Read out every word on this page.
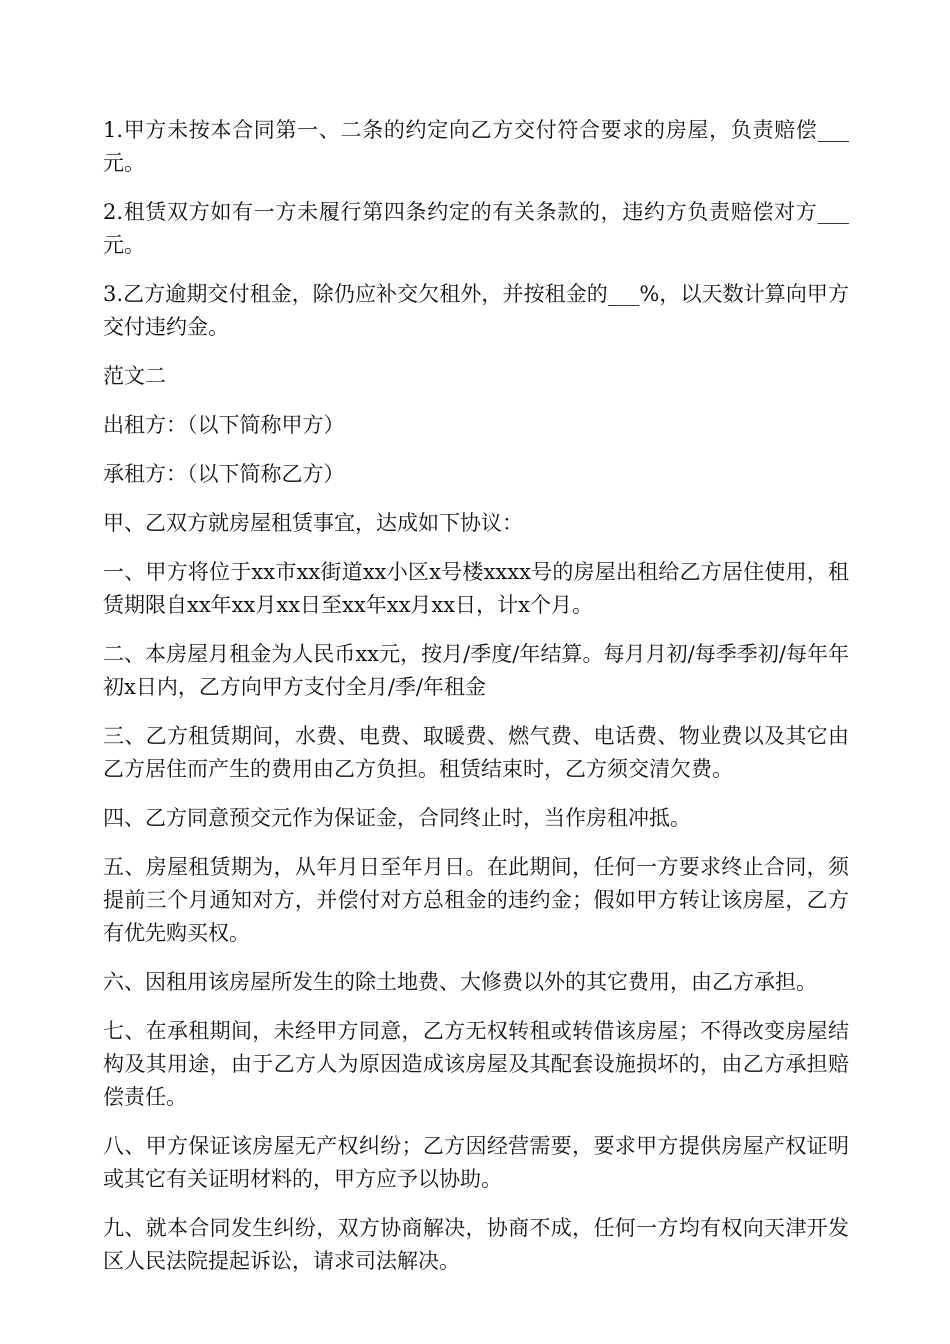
1.甲方未按本合同第一、二条的约定向乙方交付符合要求的房屋，负责赔偿___元。

2.租赁双方如有一方未履行第四条约定的有关条款的，违约方负责赔偿对方___元。

3.乙方逾期交付租金，除仍应补交欠租外，并按租金的___%，以天数计算向甲方交付违约金。

范文二

出租方：（以下简称甲方）

承租方：（以下简称乙方）

甲、乙双方就房屋租赁事宜，达成如下协议：

一、甲方将位于xx市xx街道xx小区x号楼xxxx号的房屋出租给乙方居住使用，租赁期限自xx年xx月xx日至xx年xx月xx日，计x个月。

二、本房屋月租金为人民币xx元，按月/季度/年结算。每月月初/每季季初/每年年初x日内，乙方向甲方支付全月/季/年租金

三、乙方租赁期间，水费、电费、取暖费、燃气费、电话费、物业费以及其它由乙方居住而产生的费用由乙方负担。租赁结束时，乙方须交清欠费。

四、乙方同意预交元作为保证金，合同终止时，当作房租冲抵。

五、房屋租赁期为，从年月日至年月日。在此期间，任何一方要求终止合同，须提前三个月通知对方，并偿付对方总租金的违约金；假如甲方转让该房屋，乙方有优先购买权。

六、因租用该房屋所发生的除土地费、大修费以外的其它费用，由乙方承担。

七、在承租期间，未经甲方同意，乙方无权转租或转借该房屋；不得改变房屋结构及其用途，由于乙方人为原因造成该房屋及其配套设施损坏的，由乙方承担赔偿责任。

八、甲方保证该房屋无产权纠纷；乙方因经营需要，要求甲方提供房屋产权证明或其它有关证明材料的，甲方应予以协助。

九、就本合同发生纠纷，双方协商解决，协商不成，任何一方均有权向天津开发区人民法院提起诉讼，请求司法解决。
